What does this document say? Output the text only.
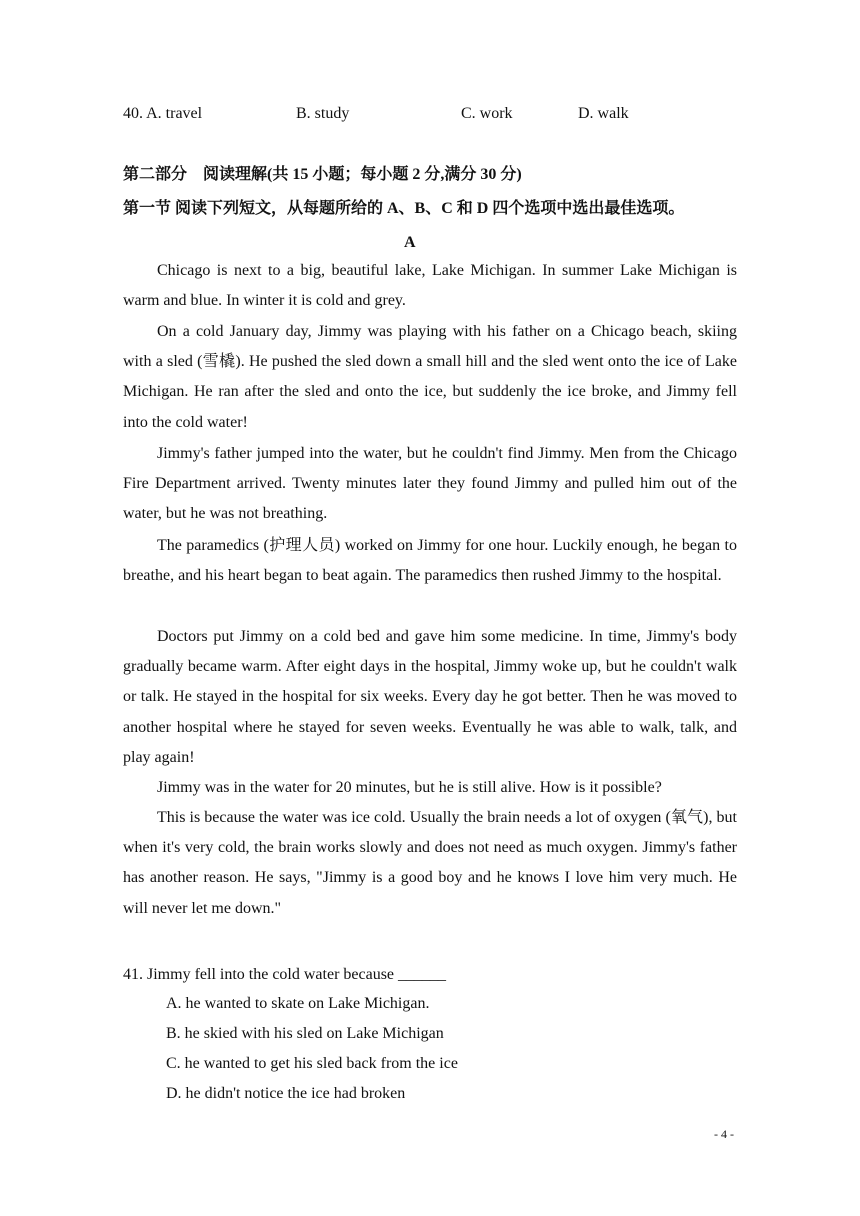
40. A. travel	B. study	C. work	D. walk
第二部分　阅读理解(共 15 小题；每小题 2 分,满分 30 分)
第一节 阅读下列短文，从每题所给的 A、B、C 和 D 四个选项中选出最佳选项。
A

Chicago is next to a big, beautiful lake, Lake Michigan. In summer Lake Michigan is warm and blue. In winter it is cold and grey.

On a cold January day, Jimmy was playing with his father on a Chicago beach, skiing with a sled (雪橇). He pushed the sled down a small hill and the sled went onto the ice of Lake Michigan. He ran after the sled and onto the ice, but suddenly the ice broke, and Jimmy fell into the cold water!

Jimmy's father jumped into the water, but he couldn't find Jimmy. Men from the Chicago Fire Department arrived. Twenty minutes later they found Jimmy and pulled him out of the water, but he was not breathing.

The paramedics (护理人员) worked on Jimmy for one hour. Luckily enough, he began to breathe, and his heart began to beat again. The paramedics then rushed Jimmy to the hospital.

Doctors put Jimmy on a cold bed and gave him some medicine. In time, Jimmy's body gradually became warm. After eight days in the hospital, Jimmy woke up, but he couldn't walk or talk. He stayed in the hospital for six weeks. Every day he got better. Then he was moved to another hospital where he stayed for seven weeks. Eventually he was able to walk, talk, and play again!

Jimmy was in the water for 20 minutes, but he is still alive. How is it possible?

This is because the water was ice cold. Usually the brain needs a lot of oxygen (氧气), but when it's very cold, the brain works slowly and does not need as much oxygen. Jimmy's father has another reason. He says, "Jimmy is a good boy and he knows I love him very much. He will never let me down."

41. Jimmy fell into the cold water because ______
A. he wanted to skate on Lake Michigan.
B. he skied with his sled on Lake Michigan
C. he wanted to get his sled back from the ice
D. he didn't notice the ice had broken
- 4 -
